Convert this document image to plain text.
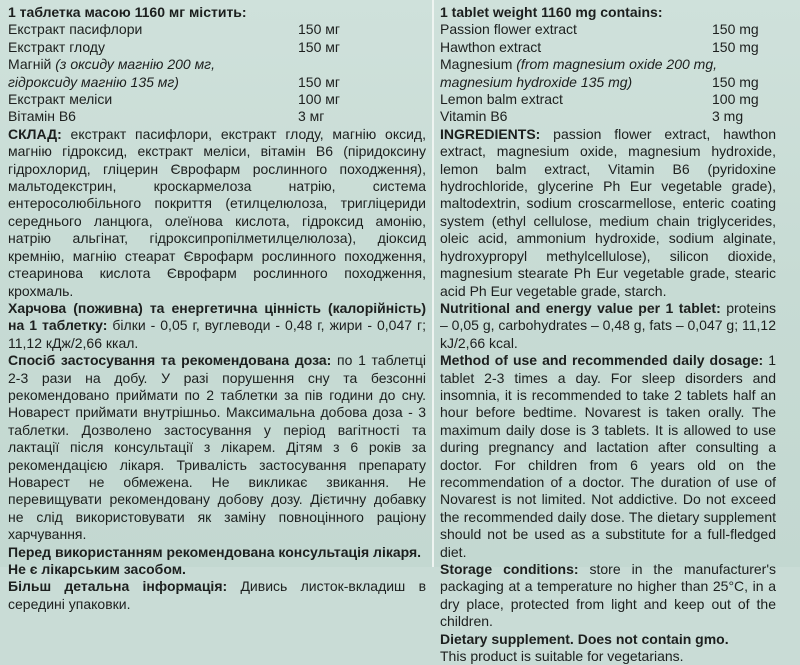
1 таблетка масою 1160 мг містить:
Екстракт пасифлори	150 мг
Екстракт глоду	150 мг
Магній (з оксиду магнію 200 мг,
гідроксиду магнію 135 мг)	150 мг
Екстракт меліси	100 мг
Вітамін В6	3 мг
СКЛАД: екстракт пасифлори, екстракт глоду, магнію оксид, магнію гідроксид, екстракт меліси, вітамін В6 (піридоксину гідрохлорид, гліцерин Єврофарм рослинного походження), мальтодекстрин, кроскармелоза натрію, система ентеросолюбільного покриття (етилцелюлоза, тригліцериди середнього ланцюга, олеїнова кислота, гідроксид амонію, натрію альгінат, гідроксипропілметилцелюлоза), діоксид кремнію, магнію стеарат Єврофарм рослинного походження, стеаринова кислота Єврофарм рослинного походження, крохмаль.
Харчова (поживна) та енергетична цінність (калорійність) на 1 таблетку: білки - 0,05 г, вуглеводи - 0,48 г, жири - 0,047 г; 11,12 кДж/2,66 ккал.
Спосіб застосування та рекомендована доза: по 1 таблетці 2-3 рази на добу. У разі порушення сну та безсонні рекомендовано приймати по 2 таблетки за пів години до сну. Новарест приймати внутрішньо. Максимальна добова доза - 3 таблетки. Дозволено застосування у період вагітності та лактації після консультації з лікарем. Дітям з 6 років за рекомендацією лікаря. Тривалість застосування препарату Новарест не обмежена. Не викликає звикання. Не перевищувати рекомендовану добову дозу. Дієтичну добавку не слід використовувати як заміну повноцінного раціону харчування.
Перед використанням рекомендована консультація лікаря.
Не є лікарським засобом.
Більш детальна інформація: Дивись листок-вкладиш в середині упаковки.
1 tablet weight 1160 mg contains:
Passion flower extract	150 mg
Hawthon extract	150 mg
Magnesium (from magnesium oxide 200 mg,
magnesium hydroxide 135 mg)	150 mg
Lemon balm extract	100 mg
Vitamin B6	3 mg
INGREDIENTS: passion flower extract, hawthon extract, magnesium oxide, magnesium hydroxide, lemon balm extract, Vitamin B6 (pyridoxine hydrochloride, glycerine Ph Eur vegetable grade), maltodextrin, sodium croscarmellose, enteric coating system (ethyl cellulose, medium chain triglycerides, oleic acid, ammonium hydroxide, sodium alginate, hydroxypropyl methylcellulose), silicon dioxide, magnesium stearate Ph Eur vegetable grade, stearic acid Ph Eur vegetable grade, starch.
Nutritional and energy value per 1 tablet: proteins – 0,05 g, carbohydrates – 0,48 g, fats – 0,047 g; 11,12 kJ/2,66 kcal.
Method of use and recommended daily dosage: 1 tablet 2-3 times a day. For sleep disorders and insomnia, it is recommended to take 2 tablets half an hour before bedtime. Novarest is taken orally. The maximum daily dose is 3 tablets. It is allowed to use during pregnancy and lactation after consulting a doctor. For children from 6 years old on the recommendation of a doctor. The duration of use of Novarest is not limited. Not addictive. Do not exceed the recommended daily dose. The dietary supplement should not be used as a substitute for a full-fledged diet.
Storage conditions: store in the manufacturer's packaging at a temperature no higher than 25°C, in a dry place, protected from light and keep out of the children.
Dietary supplement. Does not contain gmo.
This product is suitable for vegetarians.
